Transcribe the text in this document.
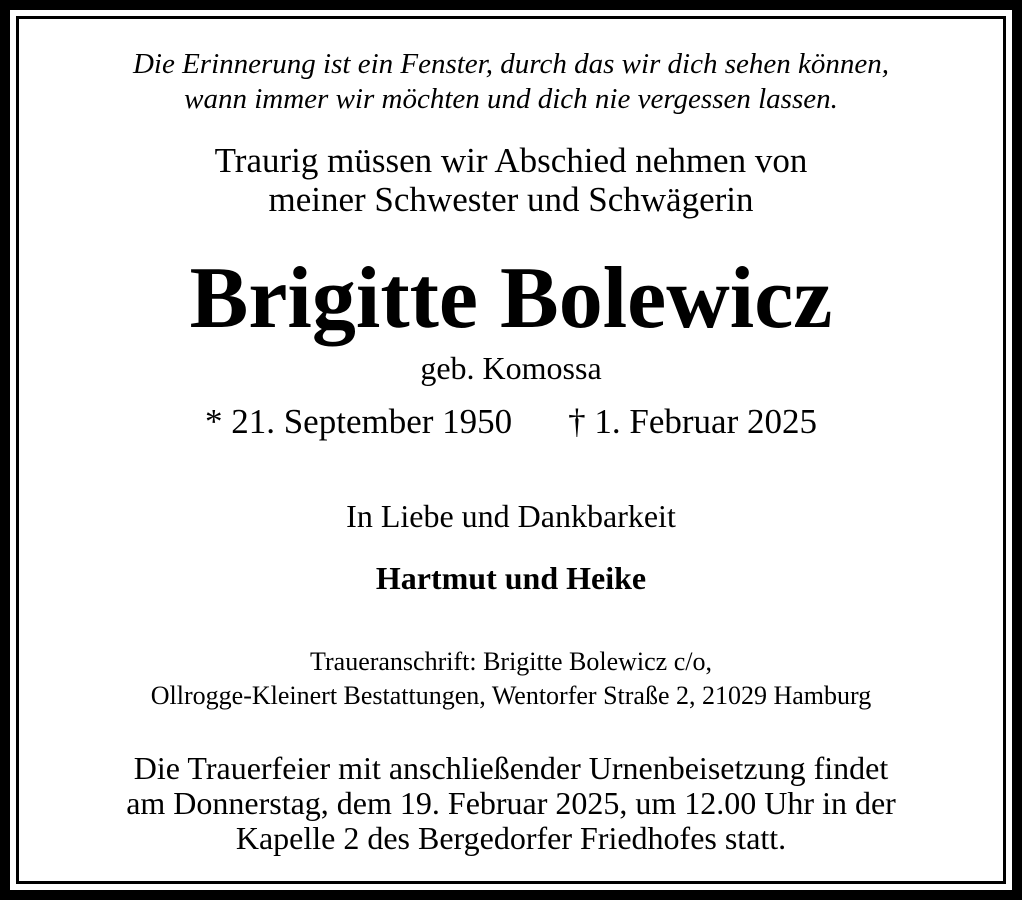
Die Erinnerung ist ein Fenster, durch das wir dich sehen können,
wann immer wir möchten und dich nie vergessen lassen.
Traurig müssen wir Abschied nehmen von
meiner Schwester und Schwägerin
Brigitte Bolewicz
geb. Komossa
* 21. September 1950 † 1. Februar 2025
In Liebe und Dankbarkeit
Hartmut und Heike
Traueranschrift: Brigitte Bolewicz c/o,
Ollrogge-Kleinert Bestattungen, Wentorfer Straße 2, 21029 Hamburg
Die Trauerfeier mit anschließender Urnenbeisetzung findet
am Donnerstag, dem 19. Februar 2025, um 12.00 Uhr in der
Kapelle 2 des Bergedorfer Friedhofes statt.
